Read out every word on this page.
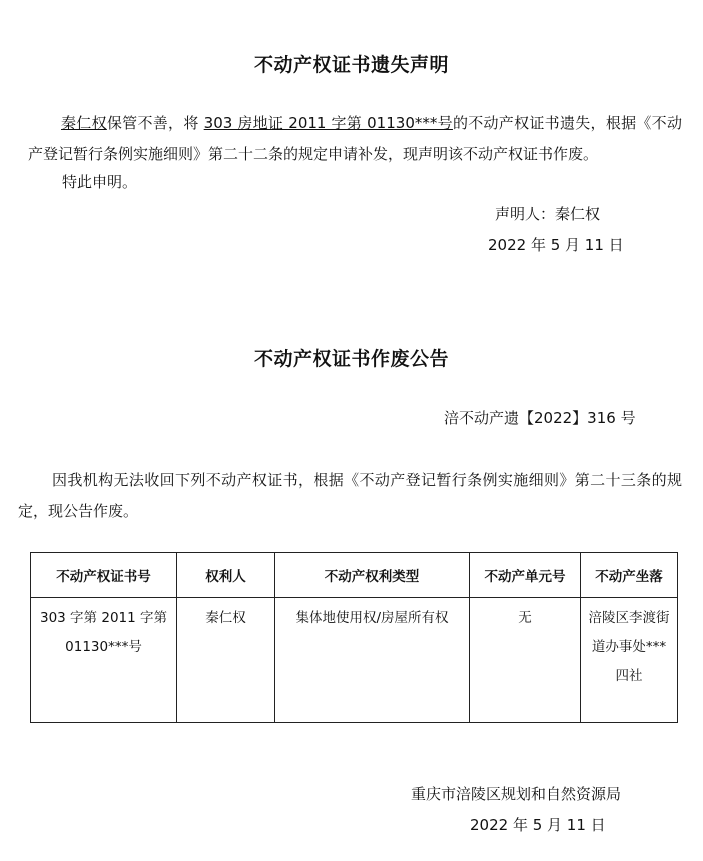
不动产权证书遗失声明
秦仁权保管不善，将 303 房地证 2011 字第 01130***号的不动产权证书遗失，根据《不动产登记暂行条例实施细则》第二十二条的规定申请补发，现声明该不动产权证书作废。
特此申明。
声明人：秦仁权
2022 年 5 月 11 日
不动产权证书作废公告
涪不动产遗【2022】316 号
因我机构无法收回下列不动产权证书，根据《不动产登记暂行条例实施细则》第二十三条的规定，现公告作废。
不动产权证书号	权利人	不动产权利类型	不动产单元号	不动产坐落
303 字第 2011 字第 01130***号	秦仁权	集体地使用权/房屋所有权	无	涪陵区李渡街道办事处***四社
重庆市涪陵区规划和自然资源局
2022 年 5 月 11 日
